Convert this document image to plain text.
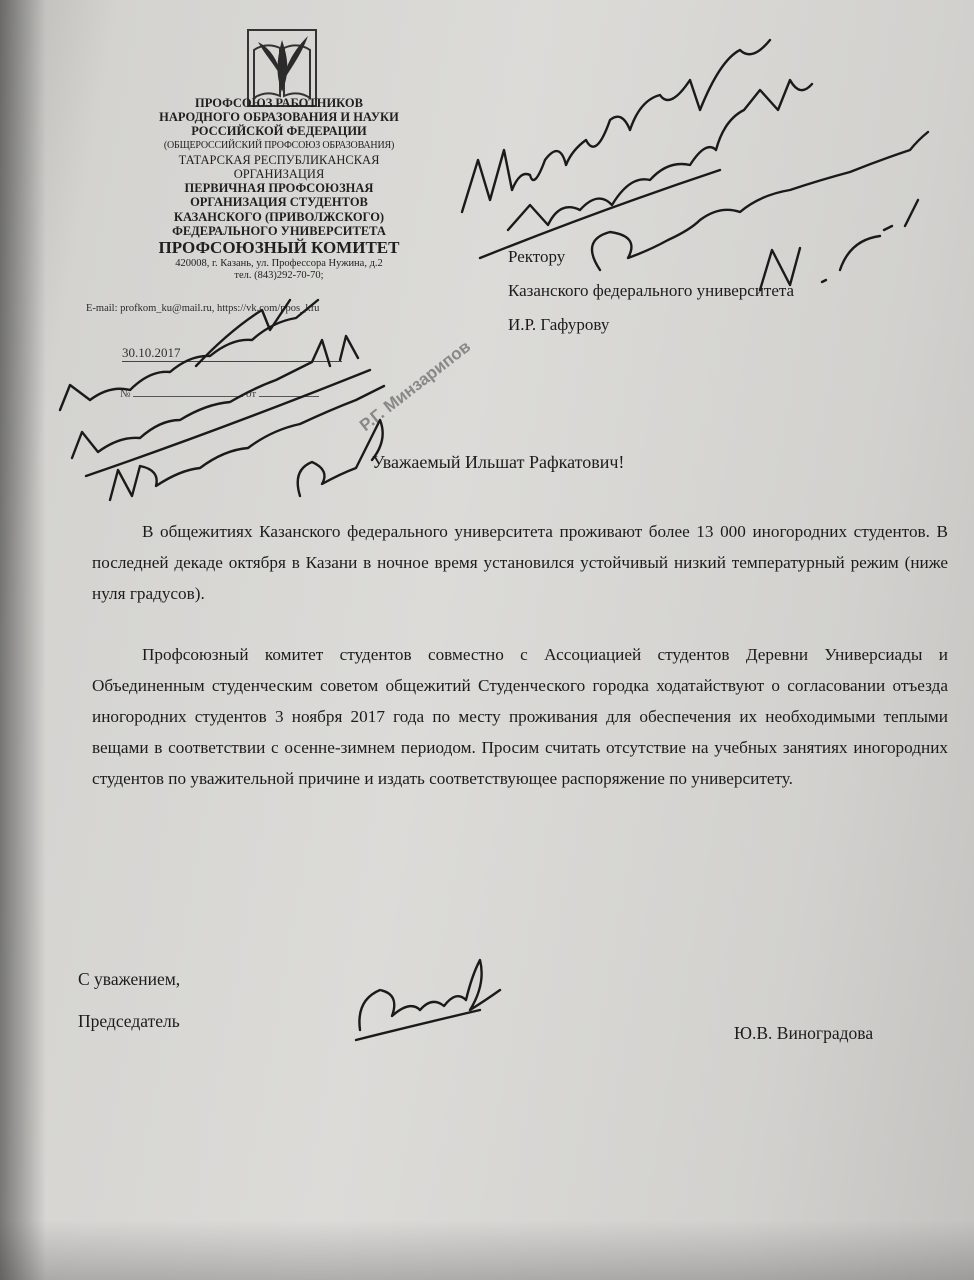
ПРОФСОЮЗ РАБОТНИКОВ
НАРОДНОГО ОБРАЗОВАНИЯ И НАУКИ
РОССИЙСКОЙ ФЕДЕРАЦИИ
(ОБЩЕРОССИЙСКИЙ ПРОФСОЮЗ ОБРАЗОВАНИЯ)
ТАТАРСКАЯ РЕСПУБЛИКАНСКАЯ
ОРГАНИЗАЦИЯ
ПЕРВИЧНАЯ ПРОФСОЮЗНАЯ
ОРГАНИЗАЦИЯ СТУДЕНТОВ
КАЗАНСКОГО (ПРИВОЛЖСКОГО)
ФЕДЕРАЛЬНОГО УНИВЕРСИТЕТА
ПРОФСОЮЗНЫЙ КОМИТЕТ
420008, г. Казань, ул. Профессора Нужина, д.2
тел. (843)292-70-70;
E-mail: profkom_ku@mail.ru, https://vk.com/ppos_kfu
30.10.2017
№	от
Ректору
Казанского федерального университета
И.Р. Гафурову
Уважаемый Ильшат Рафкатович!
В общежитиях Казанского федерального университета проживают более 13 000 иногородних студентов. В последней декаде октября в Казани в ночное время установился устойчивый низкий температурный режим (ниже нуля градусов).
Профсоюзный комитет студентов совместно с Ассоциацией студентов Деревни Универсиады и Объединенным студенческим советом общежитий Студенческого городка ходатайствуют о согласовании отъезда иногородних студентов 3 ноября 2017 года по месту проживания для обеспечения их необходимыми теплыми вещами в соответствии с осенне-зимнем периодом. Просим считать отсутствие на учебных занятиях иногородних студентов по уважительной причине и издать соответствующее распоряжение по университету.
С уважением,
Председатель
Ю.В. Виноградова
Р.Г. Минзарипов
